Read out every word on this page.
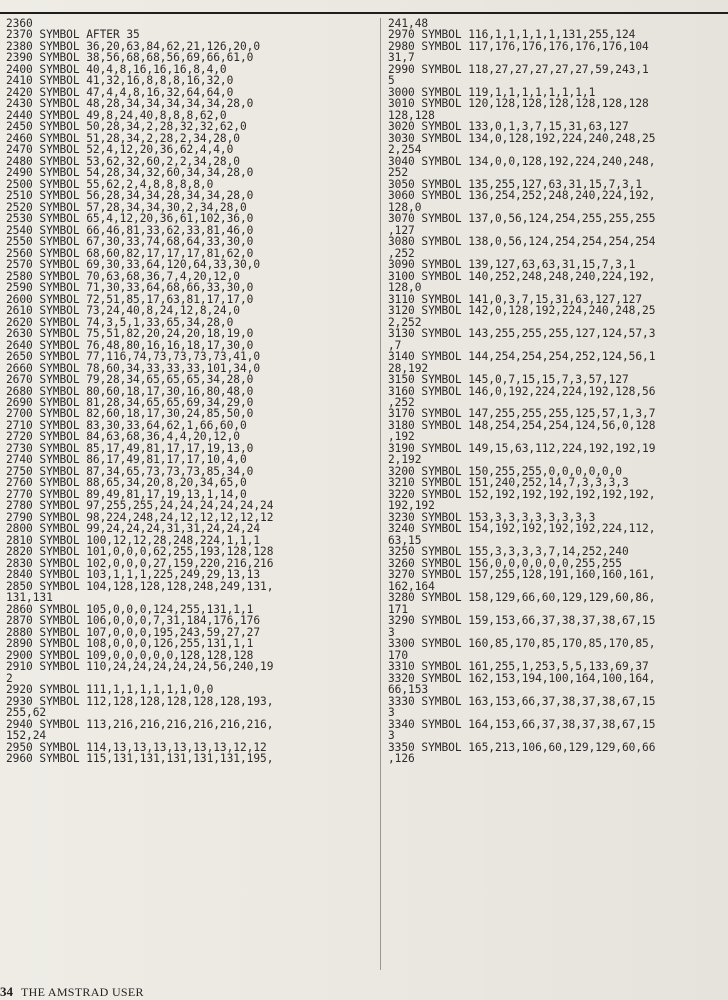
2360
2370 SYMBOL AFTER 35
2380 SYMBOL 36,20,63,84,62,21,126,20,0
2390 SYMBOL 38,56,68,68,56,69,66,61,0
2400 SYMBOL 40,4,8,16,16,16,8,4,0
2410 SYMBOL 41,32,16,8,8,8,16,32,0
2420 SYMBOL 47,4,4,8,16,32,64,64,0
2430 SYMBOL 48,28,34,34,34,34,34,28,0
2440 SYMBOL 49,8,24,40,8,8,8,62,0
2450 SYMBOL 50,28,34,2,28,32,32,62,0
2460 SYMBOL 51,28,34,2,28,2,34,28,0
2470 SYMBOL 52,4,12,20,36,62,4,4,0
2480 SYMBOL 53,62,32,60,2,2,34,28,0
2490 SYMBOL 54,28,34,32,60,34,34,28,0
2500 SYMBOL 55,62,2,4,8,8,8,8,0
2510 SYMBOL 56,28,34,34,28,34,34,28,0
2520 SYMBOL 57,28,34,34,30,2,34,28,0
2530 SYMBOL 65,4,12,20,36,61,102,36,0
2540 SYMBOL 66,46,81,33,62,33,81,46,0
2550 SYMBOL 67,30,33,74,68,64,33,30,0
2560 SYMBOL 68,60,82,17,17,17,81,62,0
2570 SYMBOL 69,30,33,64,120,64,33,30,0
2580 SYMBOL 70,63,68,36,7,4,20,12,0
2590 SYMBOL 71,30,33,64,68,66,33,30,0
2600 SYMBOL 72,51,85,17,63,81,17,17,0
2610 SYMBOL 73,24,40,8,24,12,8,24,0
2620 SYMBOL 74,3,5,1,33,65,34,28,0
2630 SYMBOL 75,51,82,20,24,20,18,19,0
2640 SYMBOL 76,48,80,16,16,18,17,30,0
2650 SYMBOL 77,116,74,73,73,73,73,41,0
2660 SYMBOL 78,60,34,33,33,33,101,34,0
2670 SYMBOL 79,28,34,65,65,65,34,28,0
2680 SYMBOL 80,60,18,17,30,16,80,48,0
2690 SYMBOL 81,28,34,65,65,69,34,29,0
2700 SYMBOL 82,60,18,17,30,24,85,50,0
2710 SYMBOL 83,30,33,64,62,1,66,60,0
2720 SYMBOL 84,63,68,36,4,4,20,12,0
2730 SYMBOL 85,17,49,81,17,17,19,13,0
2740 SYMBOL 86,17,49,81,17,17,10,4,0
2750 SYMBOL 87,34,65,73,73,73,85,34,0
2760 SYMBOL 88,65,34,20,8,20,34,65,0
2770 SYMBOL 89,49,81,17,19,13,1,14,0
2780 SYMBOL 97,255,255,24,24,24,24,24,24
2790 SYMBOL 98,224,248,24,12,12,12,12,12
2800 SYMBOL 99,24,24,24,31,31,24,24,24
2810 SYMBOL 100,12,12,28,248,224,1,1,1
2820 SYMBOL 101,0,0,0,62,255,193,128,128
2830 SYMBOL 102,0,0,0,27,159,220,216,216
2840 SYMBOL 103,1,1,1,225,249,29,13,13
2850 SYMBOL 104,128,128,128,248,249,131,
131,131
2860 SYMBOL 105,0,0,0,124,255,131,1,1
2870 SYMBOL 106,0,0,0,7,31,184,176,176
2880 SYMBOL 107,0,0,0,195,243,59,27,27
2890 SYMBOL 108,0,0,0,126,255,131,1,1
2900 SYMBOL 109,0,0,0,0,0,128,128,128
2910 SYMBOL 110,24,24,24,24,24,56,240,19
2
2920 SYMBOL 111,1,1,1,1,1,1,0,0
2930 SYMBOL 112,128,128,128,128,128,193,
255,62
2940 SYMBOL 113,216,216,216,216,216,216,
152,24
2950 SYMBOL 114,13,13,13,13,13,13,12,12
2960 SYMBOL 115,131,131,131,131,131,195,
241,48
2970 SYMBOL 116,1,1,1,1,1,131,255,124
2980 SYMBOL 117,176,176,176,176,176,104
31,7
2990 SYMBOL 118,27,27,27,27,27,59,243,1
5
3000 SYMBOL 119,1,1,1,1,1,1,1,1
3010 SYMBOL 120,128,128,128,128,128,128
128,128
3020 SYMBOL 133,0,1,3,7,15,31,63,127
3030 SYMBOL 134,0,128,192,224,240,248,25
2,254
3040 SYMBOL 134,0,0,128,192,224,240,248,
252
3050 SYMBOL 135,255,127,63,31,15,7,3,1
3060 SYMBOL 136,254,252,248,240,224,192,
128,0
3070 SYMBOL 137,0,56,124,254,255,255,255
,127
3080 SYMBOL 138,0,56,124,254,254,254,254
,252
3090 SYMBOL 139,127,63,63,31,15,7,3,1
3100 SYMBOL 140,252,248,248,240,224,192,
128,0
3110 SYMBOL 141,0,3,7,15,31,63,127,127
3120 SYMBOL 142,0,128,192,224,240,248,25
2,252
3130 SYMBOL 143,255,255,255,127,124,57,3
,7
3140 SYMBOL 144,254,254,254,252,124,56,1
28,192
3150 SYMBOL 145,0,7,15,15,7,3,57,127
3160 SYMBOL 146,0,192,224,224,192,128,56
,252
3170 SYMBOL 147,255,255,255,125,57,1,3,7
3180 SYMBOL 148,254,254,254,124,56,0,128
,192
3190 SYMBOL 149,15,63,112,224,192,192,19
2,192
3200 SYMBOL 150,255,255,0,0,0,0,0,0
3210 SYMBOL 151,240,252,14,7,3,3,3,3
3220 SYMBOL 152,192,192,192,192,192,192,
192,192
3230 SYMBOL 153,3,3,3,3,3,3,3,3
3240 SYMBOL 154,192,192,192,192,224,112,
63,15
3250 SYMBOL 155,3,3,3,3,7,14,252,240
3260 SYMBOL 156,0,0,0,0,0,0,255,255
3270 SYMBOL 157,255,128,191,160,160,161,
162,164
3280 SYMBOL 158,129,66,60,129,129,60,86,
171
3290 SYMBOL 159,153,66,37,38,37,38,67,15
3
3300 SYMBOL 160,85,170,85,170,85,170,85,
170
3310 SYMBOL 161,255,1,253,5,5,133,69,37
3320 SYMBOL 162,153,194,100,164,100,164,
66,153
3330 SYMBOL 163,153,66,37,38,37,38,67,15
3
3340 SYMBOL 164,153,66,37,38,37,38,67,15
3
3350 SYMBOL 165,213,106,60,129,129,60,66
,126
34 THE AMSTRAD USER
